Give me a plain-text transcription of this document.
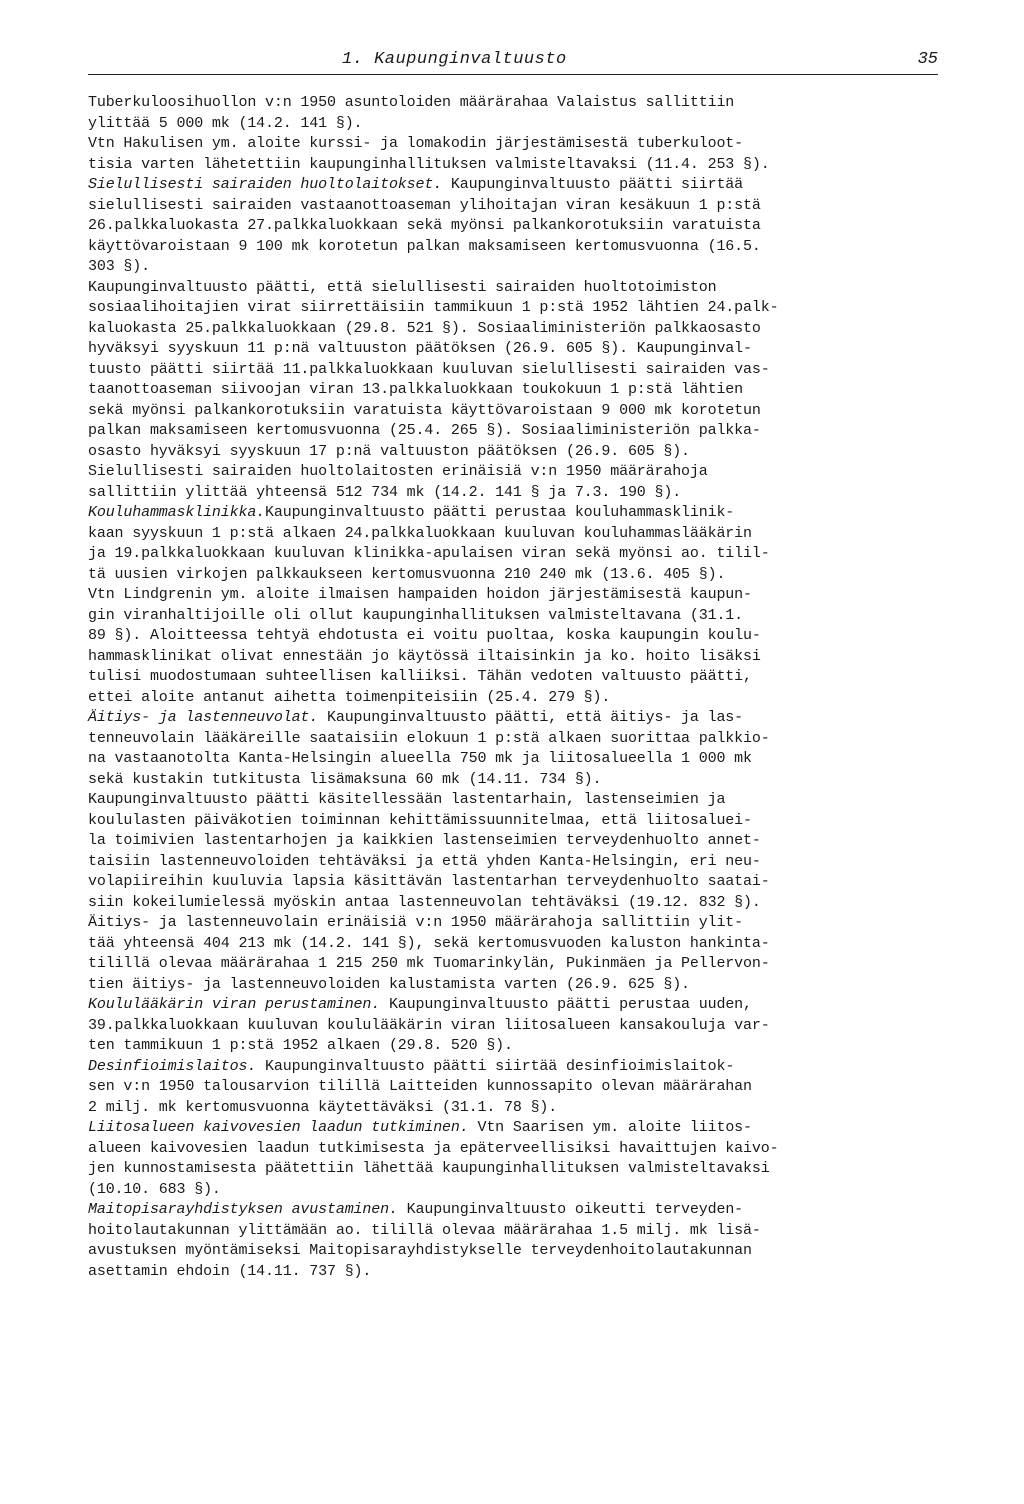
1. Kaupunginvaltuusto	35
Tuberkuloosihuollon v:n 1950 asuntoloiden määrärahaa Valaistus sallittiin
ylittää 5 000 mk (14.2. 141 §).
Vtn Hakulisen ym. aloite kurssi- ja lomakodin järjestämisestä tuberkuloot-
tisia varten lähetettiin kaupunginhallituksen valmisteltavaksi (11.4. 253 §).
Sielullisesti sairaiden huoltolaitokset. Kaupunginvaltuusto päätti siirtää
sielullisesti sairaiden vastaanottoaseman ylihoitajan viran kesäkuun 1 p:stä
26.palkkaluokasta 27.palkkaluokkaan sekä myönsi palkankorotuksiin varatuista
käyttövaroistaan 9 100 mk korotetun palkan maksamiseen kertomusvuonna (16.5.
303 §).
Kaupunginvaltuusto päätti, että sielullisesti sairaiden huoltotoimiston
sosiaalihoitajien virat siirrettäisiin tammikuun 1 p:stä 1952 lähtien 24.palk-
kaluokasta 25.palkkaluokkaan (29.8. 521 §). Sosiaaliministeriön palkkaosasto
hyväksyi syyskuun 11 p:nä valtuuston päätöksen (26.9. 605 §). Kaupunginval-
tuusto päätti siirtää 11.palkkaluokkaan kuuluvan sielullisesti sairaiden vas-
taanottoaseman siivoojan viran 13.palkkaluokkaan toukokuun 1 p:stä lähtien
sekä myönsi palkankorotuksiin varatuista käyttövaroistaan 9 000 mk korotetun
palkan maksamiseen kertomusvuonna (25.4. 265 §). Sosiaaliministeriön palkka-
osasto hyväksyi syyskuun 17 p:nä valtuuston päätöksen (26.9. 605 §).
Sielullisesti sairaiden huoltolaitosten erinäisiä v:n 1950 määrärahoja
sallittiin ylittää yhteensä 512 734 mk (14.2. 141 § ja 7.3. 190 §).
Kouluhammasklinikka.Kaupunginvaltuusto päätti perustaa kouluhammasklinik-
kaan syyskuun 1 p:stä alkaen 24.palkkaluokkaan kuuluvan kouluhammaslääkärin
ja 19.palkkaluokkaan kuuluvan klinikka-apulaisen viran sekä myönsi ao. tilil-
tä uusien virkojen palkkaukseen kertomusvuonna 210 240 mk (13.6. 405 §).
Vtn Lindgrenin ym. aloite ilmaisen hampaiden hoidon järjestämisestä kaupun-
gin viranhaltijoille oli ollut kaupunginhallituksen valmisteltavana (31.1.
89 §). Aloitteessa tehtyä ehdotusta ei voitu puoltaa, koska kaupungin koulu-
hammasklinikat olivat ennestään jo käytössä iltaisinkin ja ko. hoito lisäksi
tulisi muodostumaan suhteellisen kalliiksi. Tähän vedoten valtuusto päätti,
ettei aloite antanut aihetta toimenpiteisiin (25.4. 279 §).
Äitiys- ja lastenneuvolat. Kaupunginvaltuusto päätti, että äitiys- ja las-
tenneuvolain lääkäreille saataisiin elokuun 1 p:stä alkaen suorittaa palkkio-
na vastaanotolta Kanta-Helsingin alueella 750 mk ja liitosalueella 1 000 mk
sekä kustakin tutkitusta lisämaksuna 60 mk (14.11. 734 §).
Kaupunginvaltuusto päätti käsitellessään lastentarhain, lastenseimien ja
koululasten päiväkotien toiminnan kehittämissuunnitelmaa, että liitosaluei-
la toimivien lastentarhojen ja kaikkien lastenseimien terveydenhuolto annet-
taisiin lastenneuvoloiden tehtäväksi ja että yhden Kanta-Helsingin, eri neu-
volapiireihin kuuluvia lapsia käsittävän lastentarhan terveydenhuolto saatai-
siin kokeilumielessä myöskin antaa lastenneuvolan tehtäväksi (19.12. 832 §).
Äitiys- ja lastenneuvolain erinäisiä v:n 1950 määrärahoja sallittiin ylit-
tää yhteensä 404 213 mk (14.2. 141 §), sekä kertomusvuoden kaluston hankinta-
tilillä olevaa määrärahaa 1 215 250 mk Tuomarinkylän, Pukinmäen ja Pellervon-
tien äitiys- ja lastenneuvoloiden kalustamista varten (26.9. 625 §).
Koululääkärin viran perustaminen. Kaupunginvaltuusto päätti perustaa uuden,
39.palkkaluokkaan kuuluvan koululääkärin viran liitosalueen kansakouluja var-
ten tammikuun 1 p:stä 1952 alkaen (29.8. 520 §).
Desinfioimislaitos. Kaupunginvaltuusto päätti siirtää desinfioimislaitok-
sen v:n 1950 talousarvion tilillä Laitteiden kunnossapito olevan määrärahan
2 milj. mk kertomusvuonna käytettäväksi (31.1. 78 §).
Liitosalueen kaivovesien laadun tutkiminen. Vtn Saarisen ym. aloite liitos-
alueen kaivovesien laadun tutkimisesta ja epäterveellisiksi havaittujen kaivo-
jen kunnostamisesta päätettiin lähettää kaupunginhallituksen valmisteltavaksi
(10.10. 683 §).
Maitopisarayhdistyksen avustaminen. Kaupunginvaltuusto oikeutti terveyden-
hoitolautakunnan ylittämään ao. tilillä olevaa määrärahaa 1.5 milj. mk lisä-
avustuksen myöntämiseksi Maitopisarayhdistykselle terveydenhoitolautakunnan
asettamin ehdoin (14.11. 737 §).
